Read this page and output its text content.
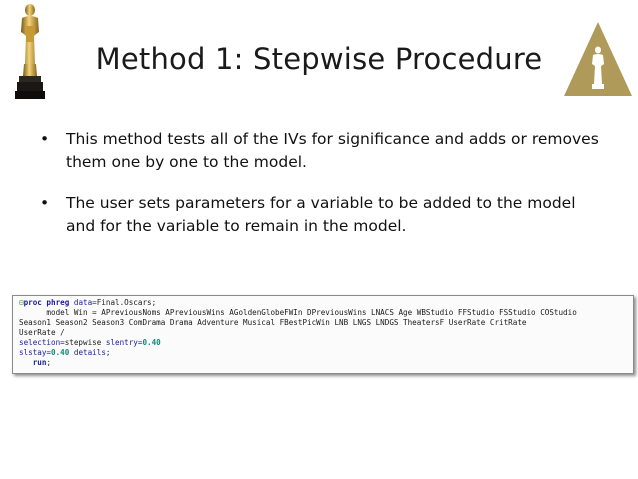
Method 1: Stepwise Procedure
• This method tests all of the IVs for significance and adds or removes them one by one to the model.
• The user sets parameters for a variable to be added to the model and for the variable to remain in the model.
⊟proc phreg data=Final.Oscars;
model Win = APreviousNoms APreviousWins AGoldenGlobeFWIn DPreviousWins LNACS Age WBStudio FFStudio FSStudio COStudio
Season1 Season2 Season3 ComDrama Drama Adventure Musical FBestPicWin LNB LNGS LNDGS TheatersF UserRate CritRate
UserRate /
selection=stepwise slentry=0.40
slstay=0.40 details;
run;
